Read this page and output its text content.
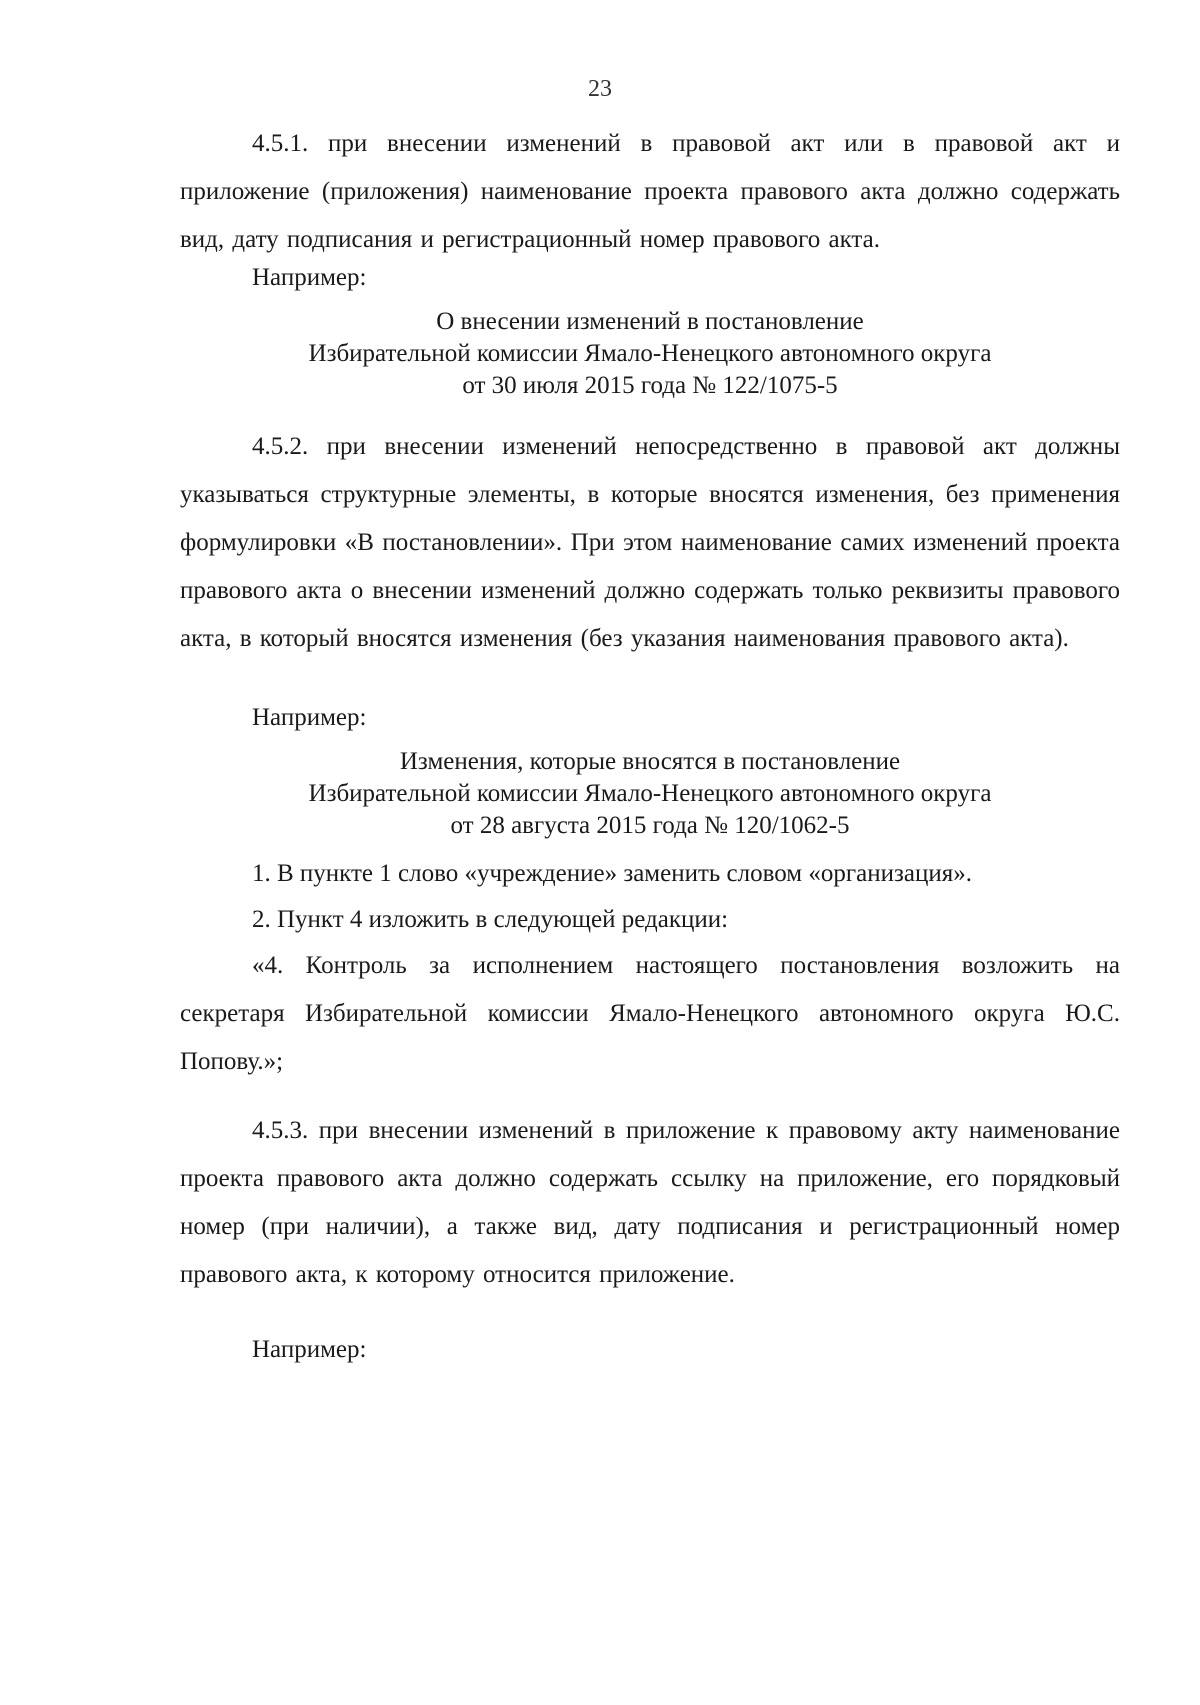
23

4.5.1. при внесении изменений в правовой акт или в правовой акт и приложение (приложения) наименование проекта правового акта должно содержать вид, дату подписания и регистрационный номер правового акта.

Например:

О внесении изменений в постановление
Избирательной комиссии Ямало-Ненецкого автономного округа
от 30 июля 2015 года № 122/1075-5

4.5.2. при внесении изменений непосредственно в правовой акт должны указываться структурные элементы, в которые вносятся изменения, без применения формулировки «В постановлении». При этом наименование самих изменений проекта правового акта о внесении изменений должно содержать только реквизиты правового акта, в который вносятся изменения (без указания наименования правового акта).

Например:

Изменения, которые вносятся в постановление
Избирательной комиссии Ямало-Ненецкого автономного округа
от 28 августа 2015 года № 120/1062-5

1. В пункте 1 слово «учреждение» заменить словом «организация».

2. Пункт 4 изложить в следующей редакции:

«4. Контроль за исполнением настоящего постановления возложить на секретаря Избирательной комиссии Ямало-Ненецкого автономного округа Ю.С. Попову.»;

4.5.3. при внесении изменений в приложение к правовому акту наименование проекта правового акта должно содержать ссылку на приложение, его порядковый номер (при наличии), а также вид, дату подписания и регистрационный номер правового акта, к которому относится приложение.

Например:
